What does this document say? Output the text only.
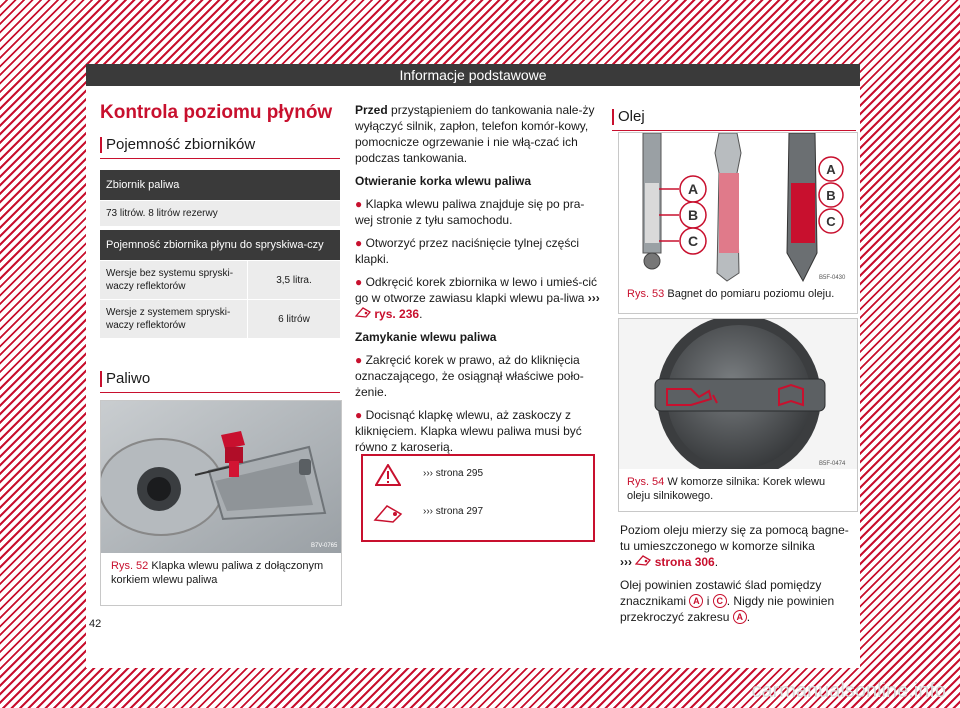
Kontrola poziomu płynów
Pojemność zbiorników
Zbiornik paliwa
73 litrów. 8 litrów rezerwy
Pojemność zbiornika płynu do spryskiwa-czy	
Wersje bez systemu spryski-waczy reflektorów	3,5 litra.
Wersje z systemem spryski-waczy reflektorów	6 litrów
Paliwo
B7V-0765
Rys. 52 Klapka wlewu paliwa z dołączonym korkiem wlewu paliwa

Przed przystąpieniem do tankowania nale-ży wyłączyć silnik, zapłon, telefon komór-kowy, pomocnicze ogrzewanie i nie włą-czać ich podczas tankowania.

Otwieranie korka wlewu paliwa

● Klapka wlewu paliwa znajduje się po pra-wej stronie z tyłu samochodu.

● Otworzyć przez naciśnięcie tylnej części klapki.

● Odkręcić korek zbiornika w lewo i umieś-cić go w otworze zawiasu klapki wlewu pa-liwa ›››  rys. 236.

Zamykanie wlewu paliwa

● Zakręcić korek w prawo, aż do kliknięcia oznaczającego, że osiągnął właściwe poło-żenie.

● Docisnąć klapkę wlewu, aż zaskoczy z kliknięciem. Klapka wlewu paliwa musi być równo z karoserią.

››› strona 295
››› strona 297
Olej
A
B
C
A
B
C
B5F-0430
Rys. 53 Bagnet do pomiaru poziomu oleju.
B5F-0474
Rys. 54 W komorze silnika: Korek wlewu oleju silnikowego.

Poziom oleju mierzy się za pomocą bagne-tu umieszczonego w komorze silnika
››› strona 306.

Olej powinien zostawić ślad pomiędzy znacznikami A i C . Nigdy nie powinien przekroczyć zakresu A .

Informacje podstawowe
42
carmanualsonline.info
